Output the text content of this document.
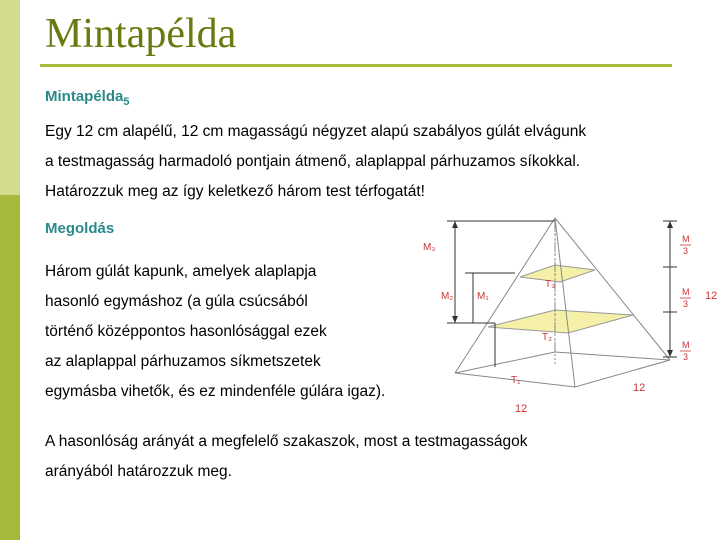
Mintapélda
Mintapélda$_5$
Egy 12 cm alapélű, 12 cm magasságú négyzet alapú szabályos gúlát elvágunk
a testmagasság harmadoló pontjain átmenő, alaplappal párhuzamos síkokkal.
Határozzuk meg az így keletkező három test térfogatát!
Megoldás
Három gúlát kapunk, amelyek alaplapja
hasonló egymáshoz (a gúla csúcsából
történő középpontos hasonlósággal ezek
az alaplappal párhuzamos síkmetszetek
egymásba vihetők, és ez mindenféle gúlára igaz).
A hasonlóság arányát a megfelelő szakaszok, most a testmagasságok
arányából határozzuk meg.
M₃
M₂ M₁
T₃
T₂
T₁
12
12
12
M
3
M
3
M
3
